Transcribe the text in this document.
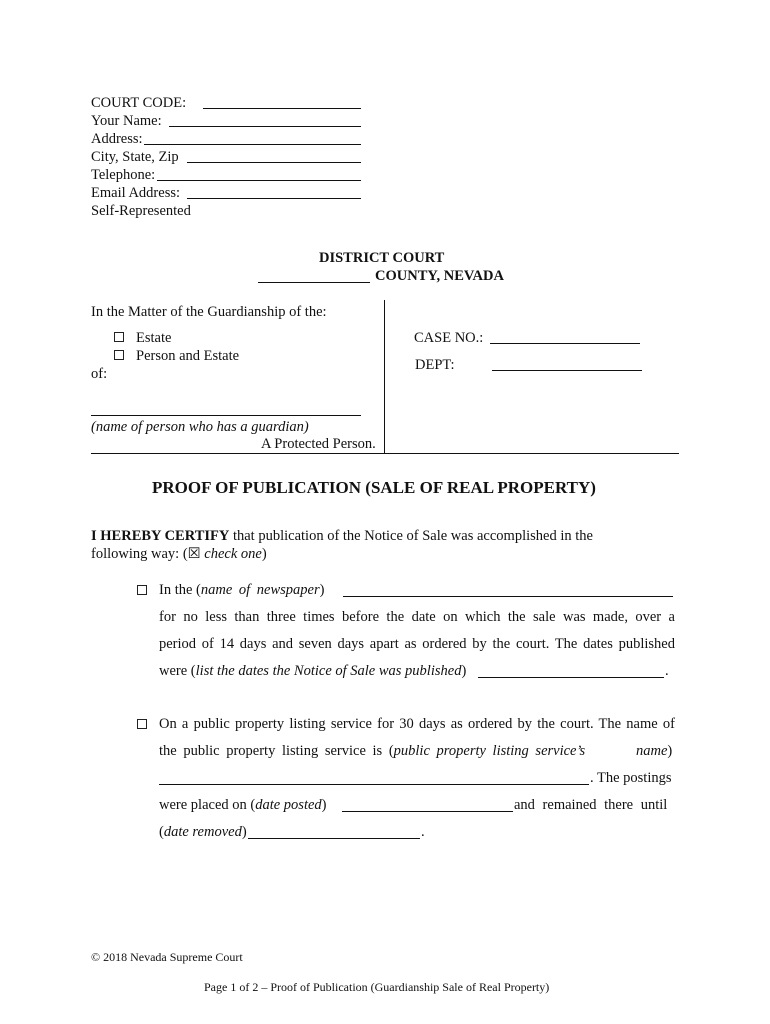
COURT CODE:
Your Name:
Address:
City, State, Zip
Telephone:
Email Address:
Self-Represented
DISTRICT COURT
COUNTY, NEVADA
In the Matter of the Guardianship of the:
Estate
Person and Estate
of:
(name of person who has a guardian)
A Protected Person.
CASE NO.:
DEPT:
PROOF OF PUBLICATION (SALE OF REAL PROPERTY)
I HEREBY CERTIFY that publication of the Notice of Sale was accomplished in the
following way: (☒ check one)
In the (name of newspaper)
for no less than three times before the date on which the sale was made, over a
period of 14 days and seven days apart as ordered by the court. The dates published
were (list the dates the Notice of Sale was published)	.
On a public property listing service for 30 days as ordered by the court. The name of
the public property listing service is (public property listing service’s	name)
. The postings
were placed on (date posted)	and remained there until
(date removed)	.
© 2018 Nevada Supreme Court
Page 1 of 2 – Proof of Publication (Guardianship Sale of Real Property)
